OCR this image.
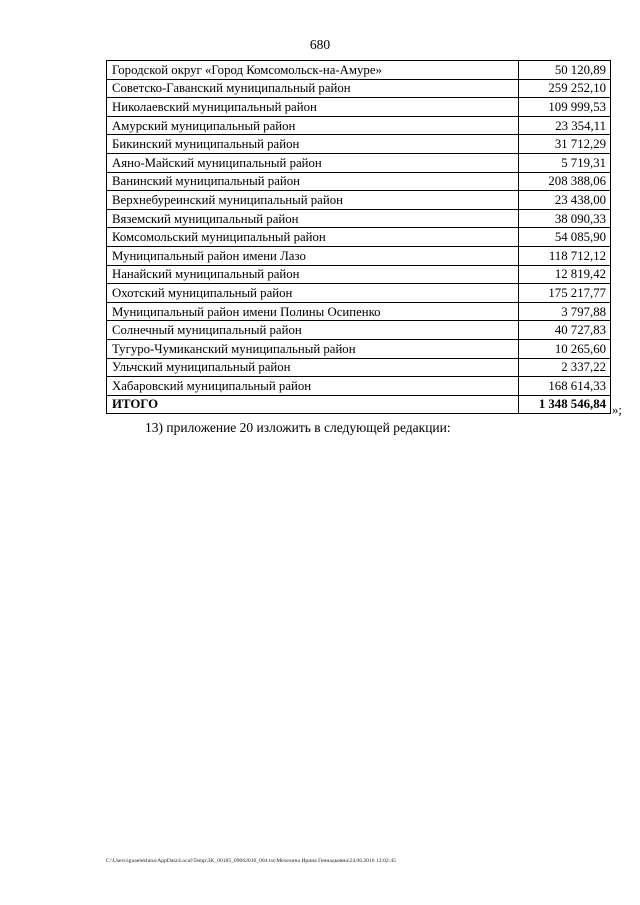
680
Городской округ «Город Комсомольск-на-Амуре»	50 120,89
Советско-Гаванский муниципальный район	259 252,10
Николаевский муниципальный район	109 999,53
Амурский муниципальный район	23 354,11
Бикинский муниципальный район	31 712,29
Аяно-Майский муниципальный район	5 719,31
Ванинский муниципальный район	208 388,06
Верхнебуреинский муниципальный район	23 438,00
Вяземский муниципальный район	38 090,33
Комсомольский муниципальный район	54 085,90
Муниципальный район имени Лазо	118 712,12
Нанайский муниципальный район	12 819,42
Охотский муниципальный район	175 217,77
Муниципальный район имени Полины Осипенко	3 797,88
Солнечный муниципальный район	40 727,83
Тугуро-Чумиканский муниципальный район	10 265,60
Ульчский муниципальный район	2 337,22
Хабаровский муниципальный район	168 614,33
ИТОГО	1 348 546,84 »;
13) приложение 20 изложить в следующей редакции:
C:\Users\iguaelekhina\AppData\Local\Temp\3K_00185_09062016_004.txt\Мехехина Ирина Геннадьевна\24.06.2016 12:02:45
